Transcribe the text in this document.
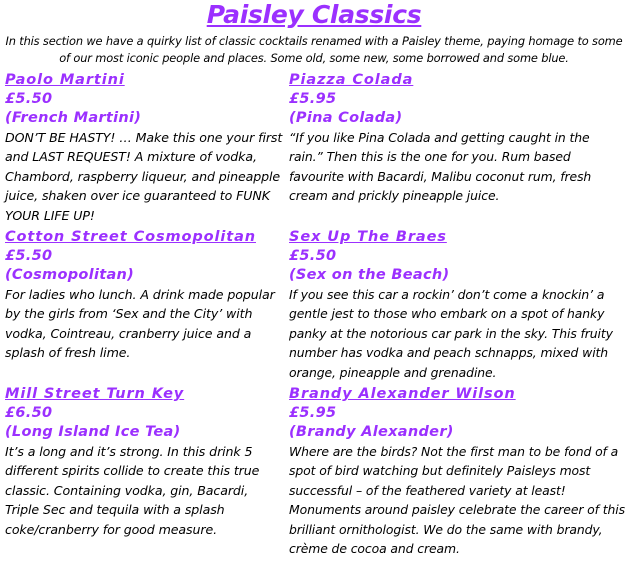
Paisley Classics
In this section we have a quirky list of classic cocktails renamed with a Paisley theme, paying homage to some of our most iconic people and places. Some old, some new, some borrowed and some blue.
Paolo Martini
£5.50
(French Martini)
DON’T BE HASTY! … Make this one your first and LAST REQUEST! A mixture of vodka, Chambord, raspberry liqueur, and pineapple juice, shaken over ice guaranteed to FUNK YOUR LIFE UP!
Cotton Street Cosmopolitan
£5.50
(Cosmopolitan)
For ladies who lunch. A drink made popular by the girls from ‘Sex and the City’ with vodka, Cointreau, cranberry juice and a splash of fresh lime.
Mill Street Turn Key
£6.50
(Long Island Ice Tea)
It’s a long and it’s strong. In this drink 5 different spirits collide to create this true classic. Containing vodka, gin, Bacardi, Triple Sec and tequila with a splash coke/cranberry for good measure.
Piazza Colada
£5.95
(Pina Colada)
“If you like Pina Colada and getting caught in the rain.” Then this is the one for you. Rum based favourite with Bacardi, Malibu coconut rum, fresh cream and prickly pineapple juice.
Sex Up The Braes
£5.50
(Sex on the Beach)
If you see this car a rockin’ don’t come a knockin’ a gentle jest to those who embark on a spot of hanky panky at the notorious car park in the sky. This fruity number has vodka and peach schnapps, mixed with orange, pineapple and grenadine.
Brandy Alexander Wilson
£5.95
(Brandy Alexander)
Where are the birds? Not the first man to be fond of a spot of bird watching but definitely Paisleys most successful – of the feathered variety at least! Monuments around paisley celebrate the career of this brilliant ornithologist. We do the same with brandy, crème de cocoa and cream.
